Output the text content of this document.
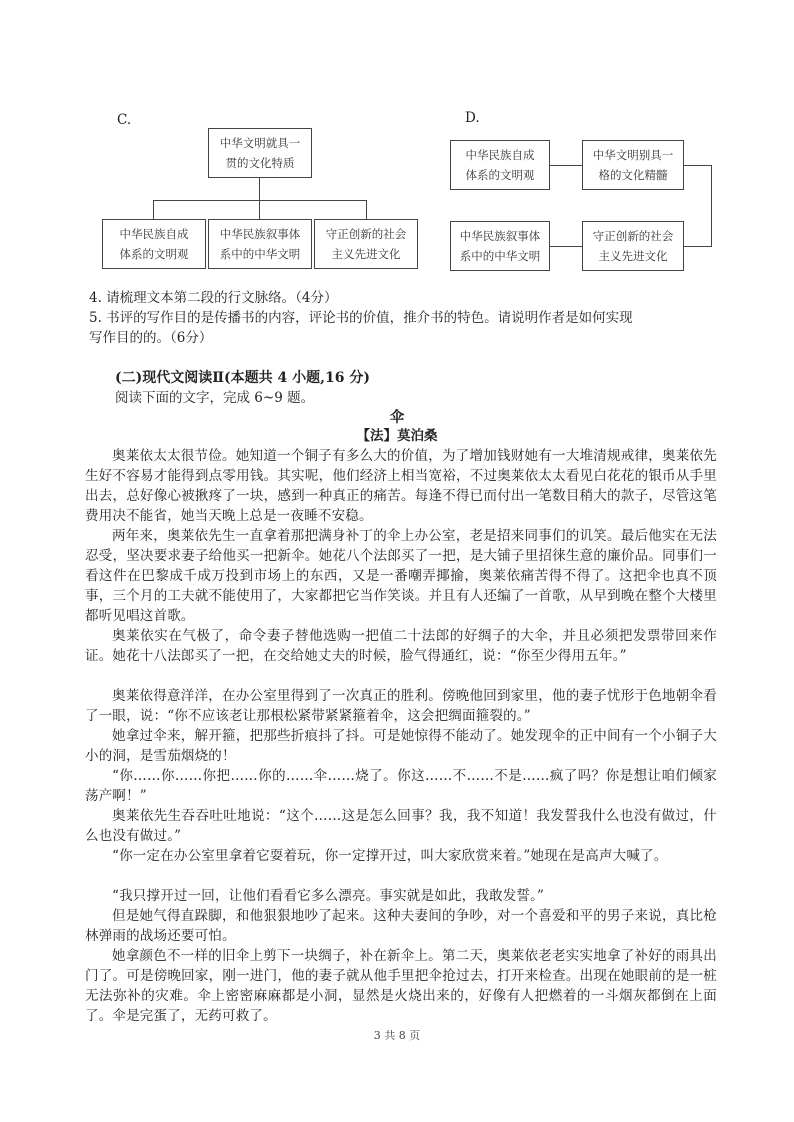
C.
中华文明就具一
贯的文化特质
中华民族自成
体系的文明观
中华民族叙事体
系中的中华文明
守正创新的社会
主义先进文化
D.
中华民族自成
体系的文明观
中华文明别具一
格的文化精髓
中华民族叙事体
系中的中华文明
守正创新的社会
主义先进文化
4. 请梳理文本第二段的行文脉络。（4分）
5. 书评的写作目的是传播书的内容，评论书的价值，推介书的特色。请说明作者是如何实现
写作目的的。（6分）
(二)现代文阅读Ⅱ(本题共 4 小题,16 分)
阅读下面的文字，完成 6~9 题。
伞
【法】莫泊桑
奥莱依太太很节俭。她知道一个铜子有多么大的价值，为了增加钱财她有一大堆清规戒律，奥莱依先生好不容易才能得到点零用钱。其实呢，他们经济上相当宽裕，不过奥莱依太太看见白花花的银币从手里出去，总好像心被揪疼了一块，感到一种真正的痛苦。每逢不得已而付出一笔数目稍大的款子，尽管这笔费用决不能省，她当天晚上总是一夜睡不安稳。
两年来，奥莱依先生一直拿着那把满身补丁的伞上办公室，老是招来同事们的讥笑。最后他实在无法忍受，坚决要求妻子给他买一把新伞。她花八个法郎买了一把，是大铺子里招徕生意的廉价品。同事们一看这件在巴黎成千成万投到市场上的东西，又是一番嘲弄揶揄，奥莱依痛苦得不得了。这把伞也真不顶事，三个月的工夫就不能使用了，大家都把它当作笑谈。并且有人还编了一首歌，从早到晚在整个大楼里都听见唱这首歌。
奥莱依实在气极了，命令妻子替他选购一把值二十法郎的好绸子的大伞，并且必须把发票带回来作证。她花十八法郎买了一把，在交给她丈夫的时候，脸气得通红，说：“你至少得用五年。”
奥莱依得意洋洋，在办公室里得到了一次真正的胜利。傍晚他回到家里，他的妻子忧形于色地朝伞看了一眼，说：“你不应该老让那根松紧带紧紧箍着伞，这会把绸面箍裂的。”
她拿过伞来，解开箍，把那些折痕抖了抖。可是她惊得不能动了。她发现伞的正中间有一个小铜子大小的洞，是雪茄烟烧的！
“你……你……你把……你的……伞……烧了。你这……不……不是……疯了吗？你是想让咱们倾家荡产啊！”
奥莱依先生吞吞吐吐地说：“这个……这是怎么回事？我，我不知道！我发誓我什么也没有做过，什么也没有做过。”
“你一定在办公室里拿着它耍着玩，你一定撑开过，叫大家欣赏来着。”她现在是高声大喊了。
“我只撑开过一回，让他们看看它多么漂亮。事实就是如此，我敢发誓。”
但是她气得直跺脚，和他狠狠地吵了起来。这种夫妻间的争吵，对一个喜爱和平的男子来说，真比枪林弹雨的战场还要可怕。
她拿颜色不一样的旧伞上剪下一块绸子，补在新伞上。第二天，奥莱依老老实实地拿了补好的雨具出门了。可是傍晚回家，刚一进门，他的妻子就从他手里把伞抢过去，打开来检查。出现在她眼前的是一桩无法弥补的灾难。伞上密密麻麻都是小洞，显然是火烧出来的，好像有人把燃着的一斗烟灰都倒在上面了。伞是完蛋了，无药可救了。
3 共 8 页
